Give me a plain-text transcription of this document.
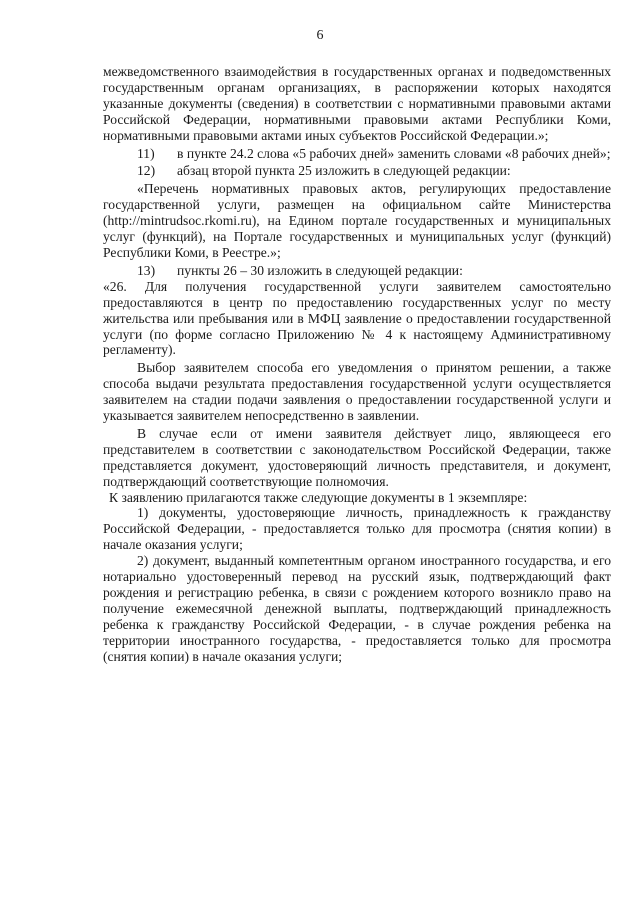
6

межведомственного взаимодействия в государственных органах и подведомственных государственным органам организациях, в распоряжении которых находятся указанные документы (сведения) в соответствии с нормативными правовыми актами Российской Федерации, нормативными правовыми актами Республики Коми, нормативными правовыми актами иных субъектов Российской Федерации.»;

11)	в пункте 24.2 слова «5 рабочих дней» заменить словами «8 рабочих дней»;
12)	абзац второй пункта 25 изложить в следующей редакции:

«Перечень нормативных правовых актов, регулирующих предоставление государственной услуги, размещен на официальном сайте Министерства (http://mintrudsoc.rkomi.ru), на Едином портале государственных и муниципальных услуг (функций), на Портале государственных и муниципальных услуг (функций) Республики Коми, в Реестре.»;

13)	пункты 26 – 30 изложить в следующей редакции:

«26. Для получения государственной услуги заявителем самостоятельно предоставляются в центр по предоставлению государственных услуг по месту жительства или пребывания или в МФЦ заявление о предоставлении государственной услуги (по форме согласно Приложению № 4 к настоящему Административному регламенту).

Выбор заявителем способа его уведомления о принятом решении, а также способа выдачи результата предоставления государственной услуги осуществляется заявителем на стадии подачи заявления о предоставлении государственной услуги и указывается заявителем непосредственно в заявлении.

В случае если от имени заявителя действует лицо, являющееся его представителем в соответствии с законодательством Российской Федерации, также представляется документ, удостоверяющий личность представителя, и документ, подтверждающий соответствующие полномочия.

К заявлению прилагаются также следующие документы в 1 экземпляре:

1) документы, удостоверяющие личность, принадлежность к гражданству Российской Федерации, - предоставляется только для просмотра (снятия копии) в начале оказания услуги;

2) документ, выданный компетентным органом иностранного государства, и его нотариально удостоверенный перевод на русский язык, подтверждающий факт рождения и регистрацию ребенка, в связи с рождением которого возникло право на получение ежемесячной денежной выплаты, подтверждающий принадлежность ребенка к гражданству Российской Федерации, - в случае рождения ребенка на территории иностранного государства, - предоставляется только для просмотра (снятия копии) в начале оказания услуги;
